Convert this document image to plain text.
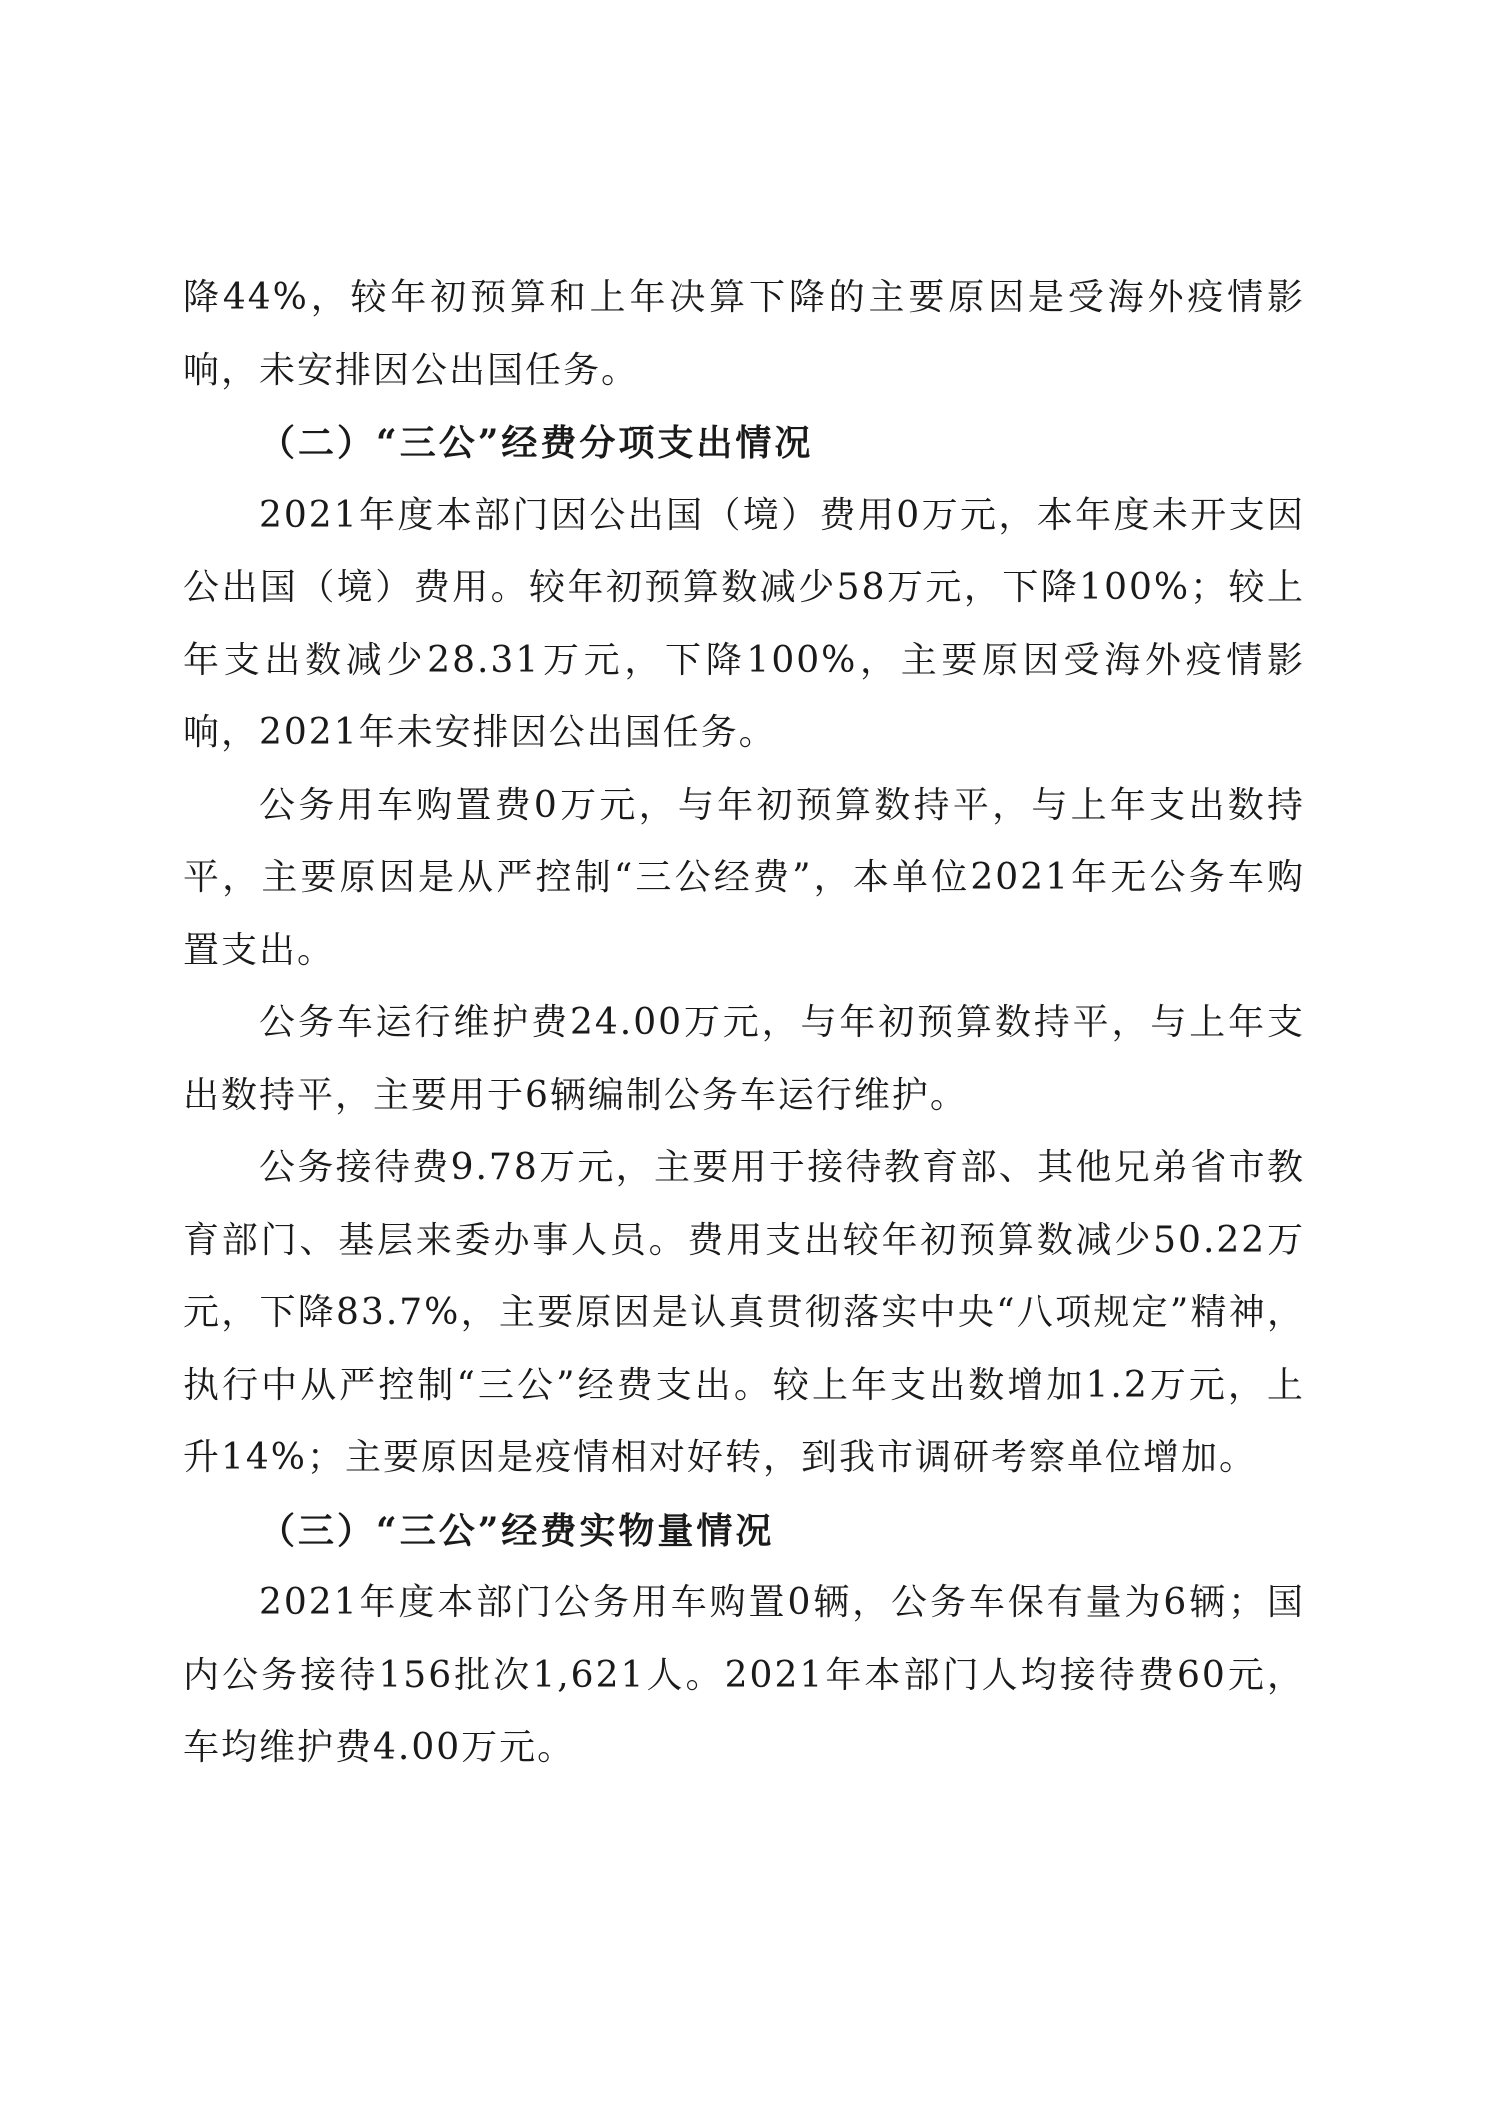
降44%，较年初预算和上年决算下降的主要原因是受海外疫情影响，未安排因公出国任务。

（二）“三公”经费分项支出情况

2021年度本部门因公出国（境）费用0万元，本年度未开支因公出国（境）费用。较年初预算数减少58万元，下降100%；较上年支出数减少28.31万元，下降100%，主要原因受海外疫情影响，2021年未安排因公出国任务。

公务用车购置费0万元，与年初预算数持平，与上年支出数持平，主要原因是从严控制“三公经费”，本单位2021年无公务车购置支出。

公务车运行维护费24.00万元，与年初预算数持平，与上年支出数持平，主要用于6辆编制公务车运行维护。

公务接待费9.78万元，主要用于接待教育部、其他兄弟省市教育部门、基层来委办事人员。费用支出较年初预算数减少50.22万元，下降83.7%，主要原因是认真贯彻落实中央“八项规定”精神，执行中从严控制“三公”经费支出。较上年支出数增加1.2万元，上升14%；主要原因是疫情相对好转，到我市调研考察单位增加。

（三）“三公”经费实物量情况

2021年度本部门公务用车购置0辆，公务车保有量为6辆；国内公务接待156批次1,621人。2021年本部门人均接待费60元，车均维护费4.00万元。
